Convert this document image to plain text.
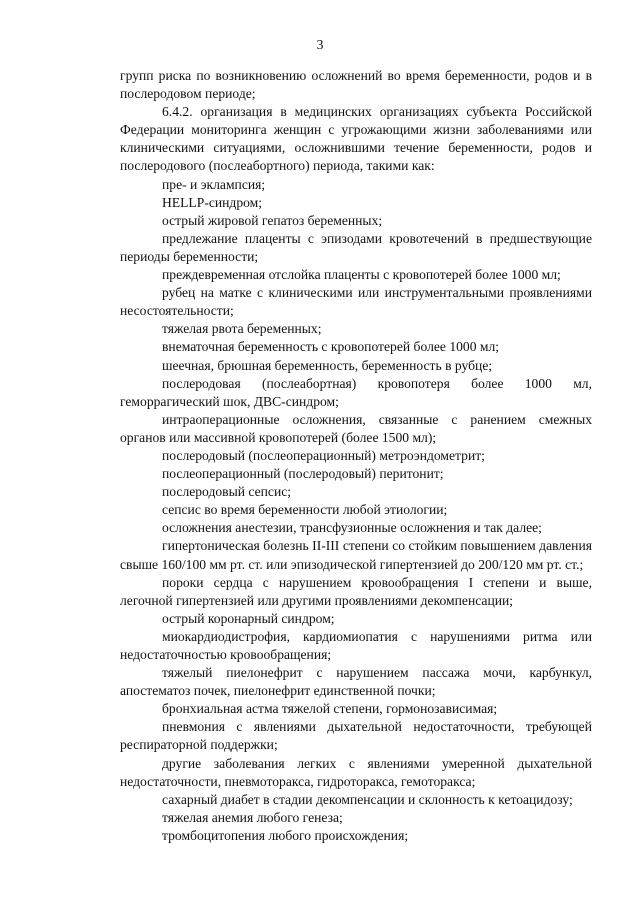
3

групп риска по возникновению осложнений во время беременности, родов и в послеродовом периоде;

6.4.2. организация в медицинских организациях субъекта Российской Федерации мониторинга женщин с угрожающими жизни заболеваниями или клиническими ситуациями, осложнившими течение беременности, родов и послеродового (послеабортного) периода, такими как:

пре- и эклампсия;

HELLP-синдром;

острый жировой гепатоз беременных;

предлежание плаценты с эпизодами кровотечений в предшествующие периоды беременности;

преждевременная отслойка плаценты с кровопотерей более 1000 мл;

рубец на матке с клиническими или инструментальными проявлениями несостоятельности;

тяжелая рвота беременных;

внематочная беременность с кровопотерей более 1000 мл;

шеечная, брюшная беременность, беременность в рубце;

послеродовая (послеабортная) кровопотеря более 1000 мл, геморрагический шок, ДВС-синдром;

интраоперационные осложнения, связанные с ранением смежных органов или массивной кровопотерей (более 1500 мл);

послеродовый (послеоперационный) метроэндометрит;

послеоперационный (послеродовый) перитонит;

послеродовый сепсис;

сепсис во время беременности любой этиологии;

осложнения анестезии, трансфузионные осложнения и так далее;

гипертоническая болезнь II-III степени со стойким повышением давления свыше 160/100 мм рт. ст. или эпизодической гипертензией до 200/120 мм рт. ст.;

пороки сердца с нарушением кровообращения I степени и выше, легочной гипертензией или другими проявлениями декомпенсации;

острый коронарный синдром;

миокардиодистрофия, кардиомиопатия с нарушениями ритма или недостаточностью кровообращения;

тяжелый пиелонефрит с нарушением пассажа мочи, карбункул, апостематоз почек, пиелонефрит единственной почки;

бронхиальная астма тяжелой степени, гормонозависимая;

пневмония с явлениями дыхательной недостаточности, требующей респираторной поддержки;

другие заболевания легких с явлениями умеренной дыхательной недостаточности, пневмоторакса, гидроторакса, гемоторакса;

сахарный диабет в стадии декомпенсации и склонность к кетоацидозу;

тяжелая анемия любого генеза;

тромбоцитопения любого происхождения;
